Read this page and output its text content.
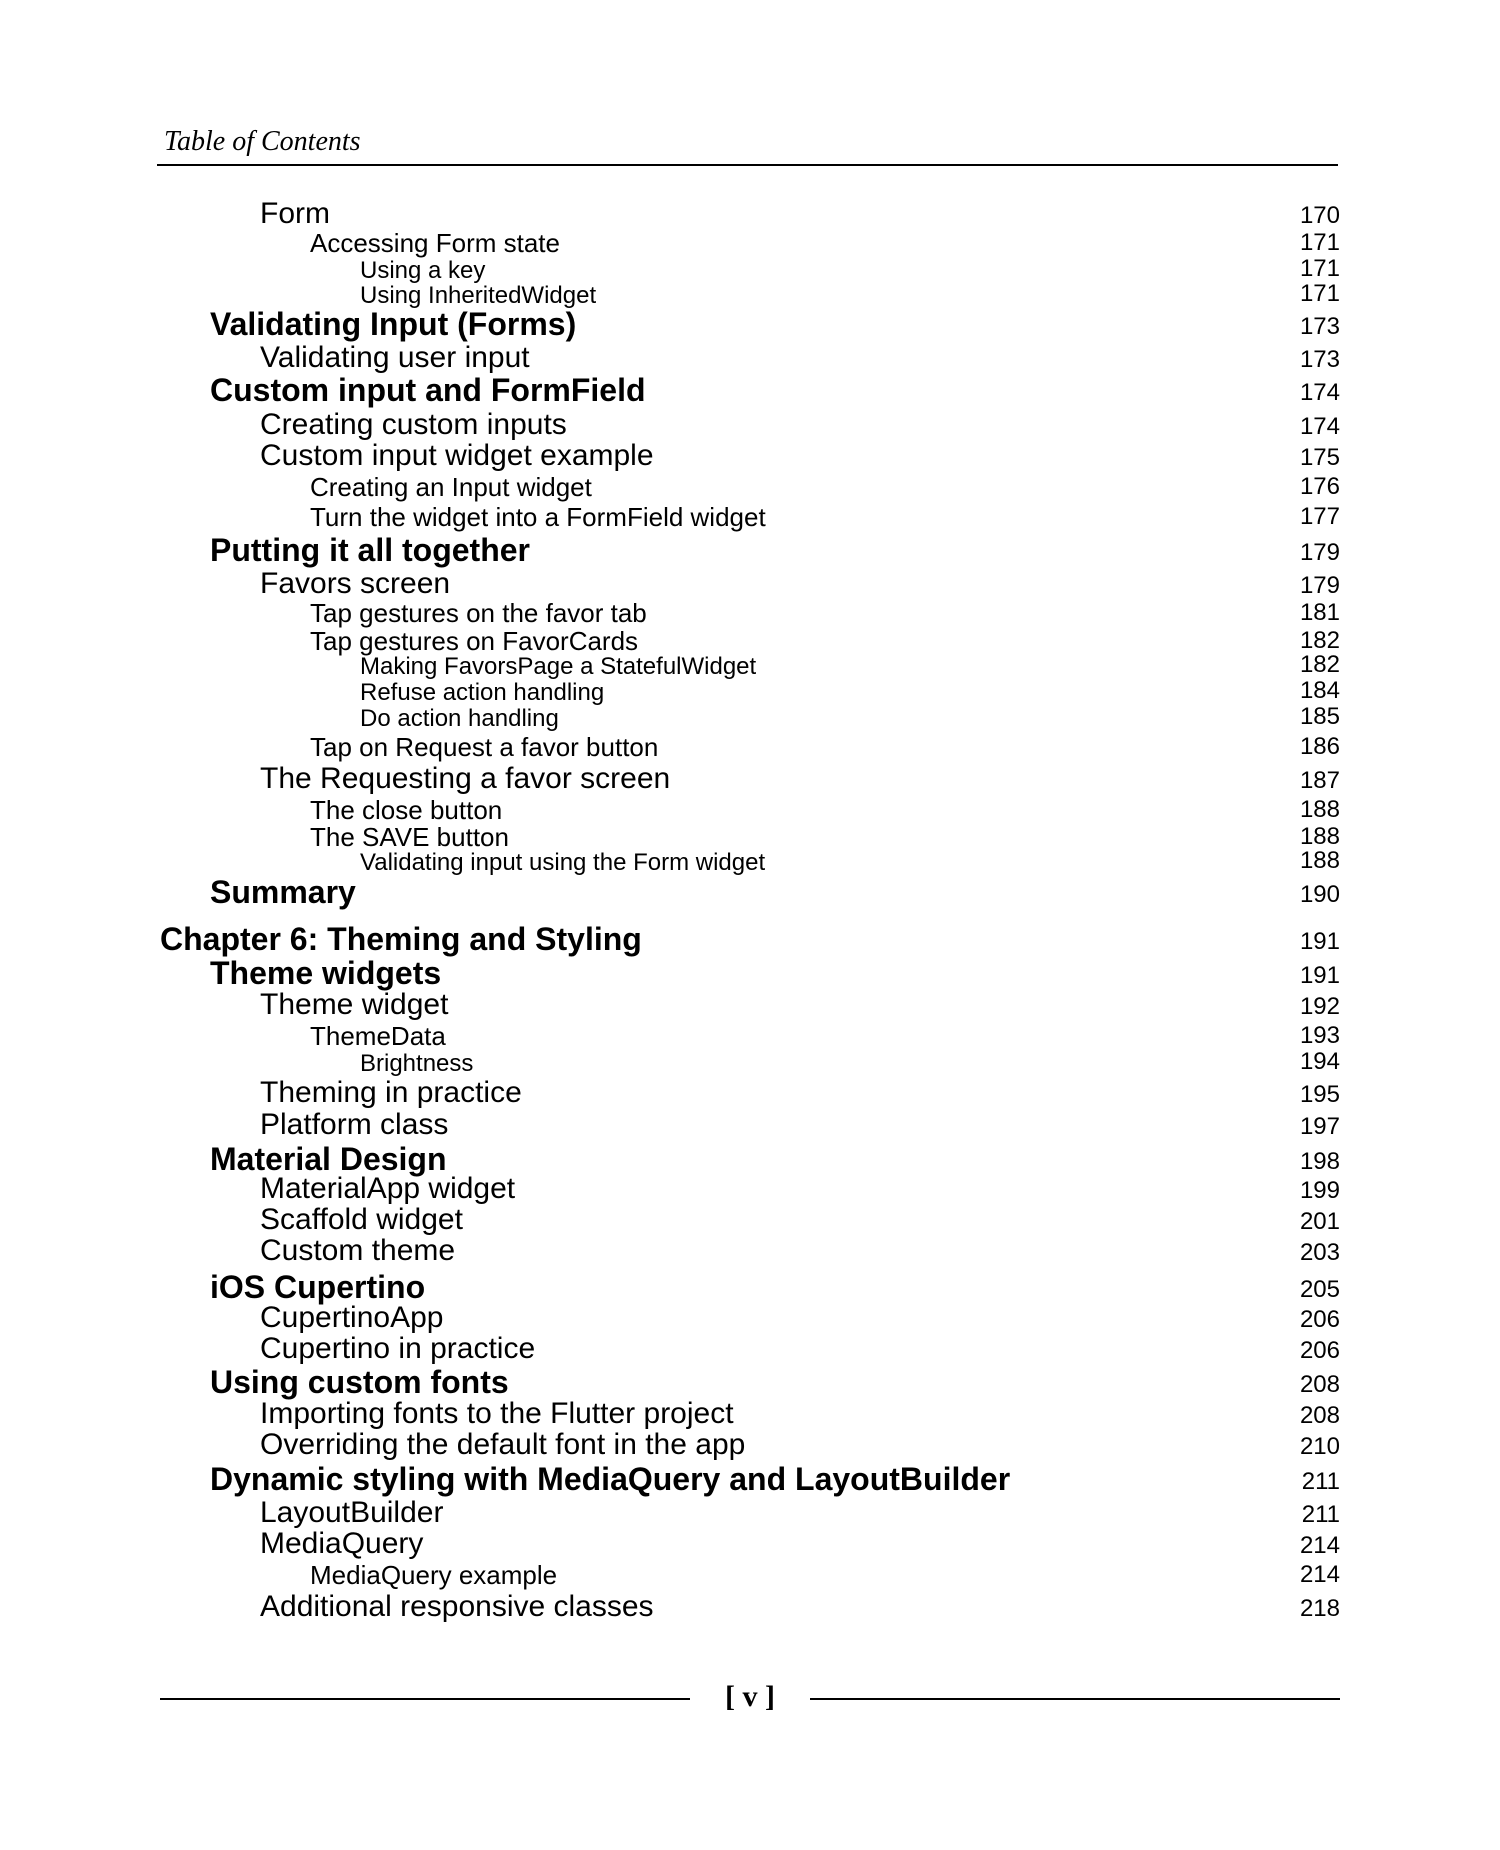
Table of Contents
Form	170
Accessing Form state	171
Using a key	171
Using InheritedWidget	171
Validating Input (Forms)	173
Validating user input	173
Custom input and FormField	174
Creating custom inputs	174
Custom input widget example	175
Creating an Input widget	176
Turn the widget into a FormField widget	177
Putting it all together	179
Favors screen	179
Tap gestures on the favor tab	181
Tap gestures on FavorCards	182
Making FavorsPage a StatefulWidget	182
Refuse action handling	184
Do action handling	185
Tap on Request a favor button	186
The Requesting a favor screen	187
The close button	188
The SAVE button	188
Validating input using the Form widget	188
Summary	190
Chapter 6: Theming and Styling	191
Theme widgets	191
Theme widget	192
ThemeData	193
Brightness	194
Theming in practice	195
Platform class	197
Material Design	198
MaterialApp widget	199
Scaffold widget	201
Custom theme	203
iOS Cupertino	205
CupertinoApp	206
Cupertino in practice	206
Using custom fonts	208
Importing fonts to the Flutter project	208
Overriding the default font in the app	210
Dynamic styling with MediaQuery and LayoutBuilder	211
LayoutBuilder	211
MediaQuery	214
MediaQuery example	214
Additional responsive classes	218
[ v ]
